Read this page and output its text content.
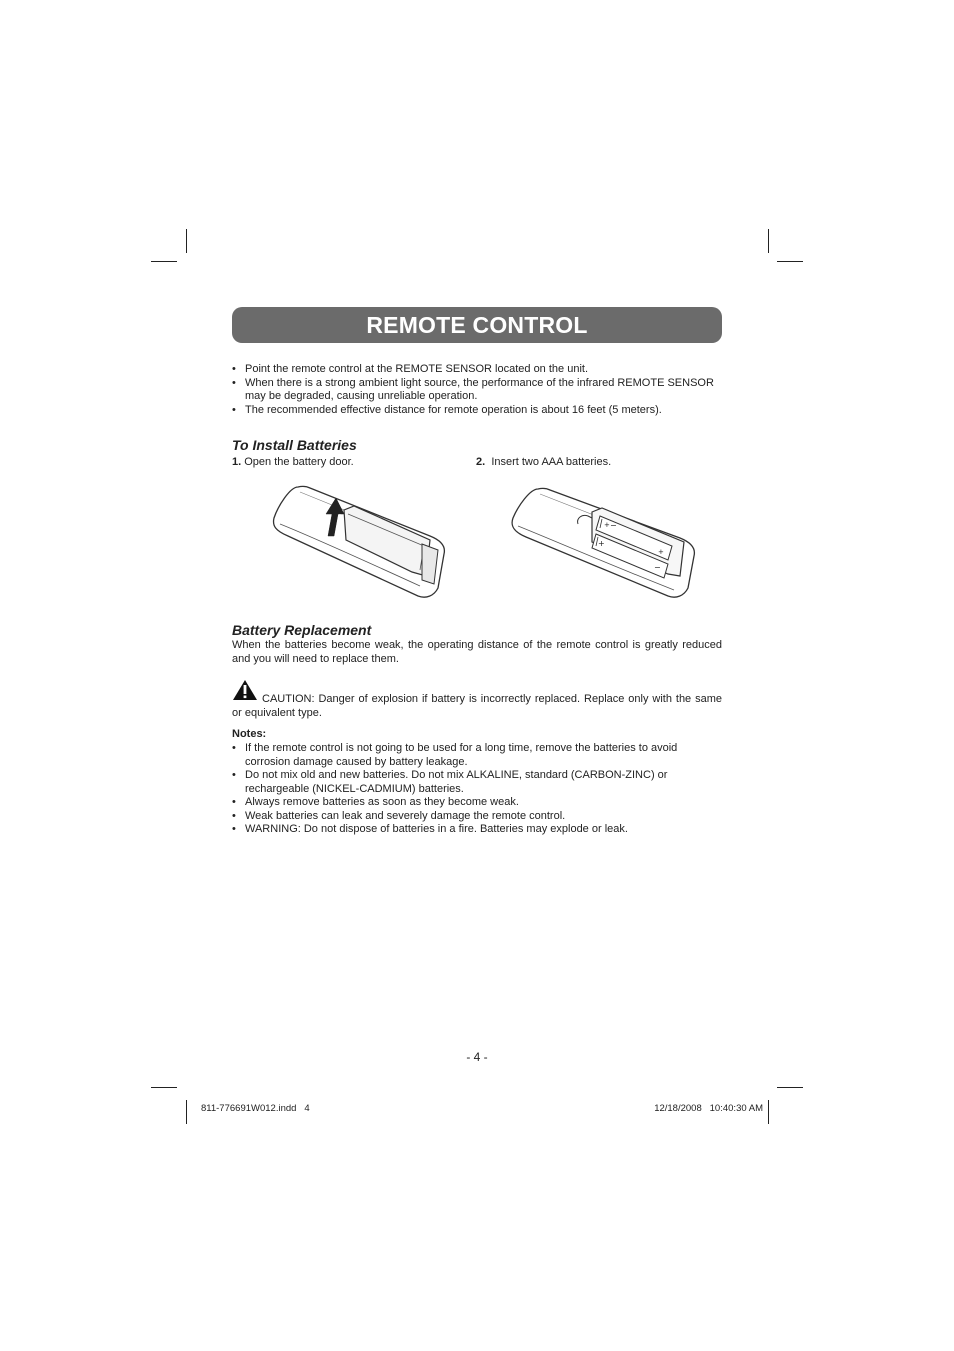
REMOTE CONTROL
• Point the remote control at the REMOTE SENSOR located on the unit.
• When there is a strong ambient light source, the performance of the infrared REMOTE SENSOR may be degraded, causing unreliable operation.
• The recommended effective distance for remote operation is about 16 feet (5 meters).
To Install Batteries
1. Open the battery door.	2. Insert two AAA batteries.
+ −
+
+
−
Battery Replacement
When the batteries become weak, the operating distance of the remote control is greatly reduced and you will need to replace them.
CAUTION: Danger of explosion if battery is incorrectly replaced. Replace only with the same or equivalent type.
Notes:
• If the remote control is not going to be used for a long time, remove the batteries to avoid corrosion damage caused by battery leakage.
• Do not mix old and new batteries. Do not mix ALKALINE, standard (CARBON-ZINC) or rechargeable (NICKEL-CADMIUM) batteries.
• Always remove batteries as soon as they become weak.
• Weak batteries can leak and severely damage the remote control.
• WARNING: Do not dispose of batteries in a fire. Batteries may explode or leak.
- 4 -
811-776691W012.indd   4	12/18/2008   10:40:30 AM
